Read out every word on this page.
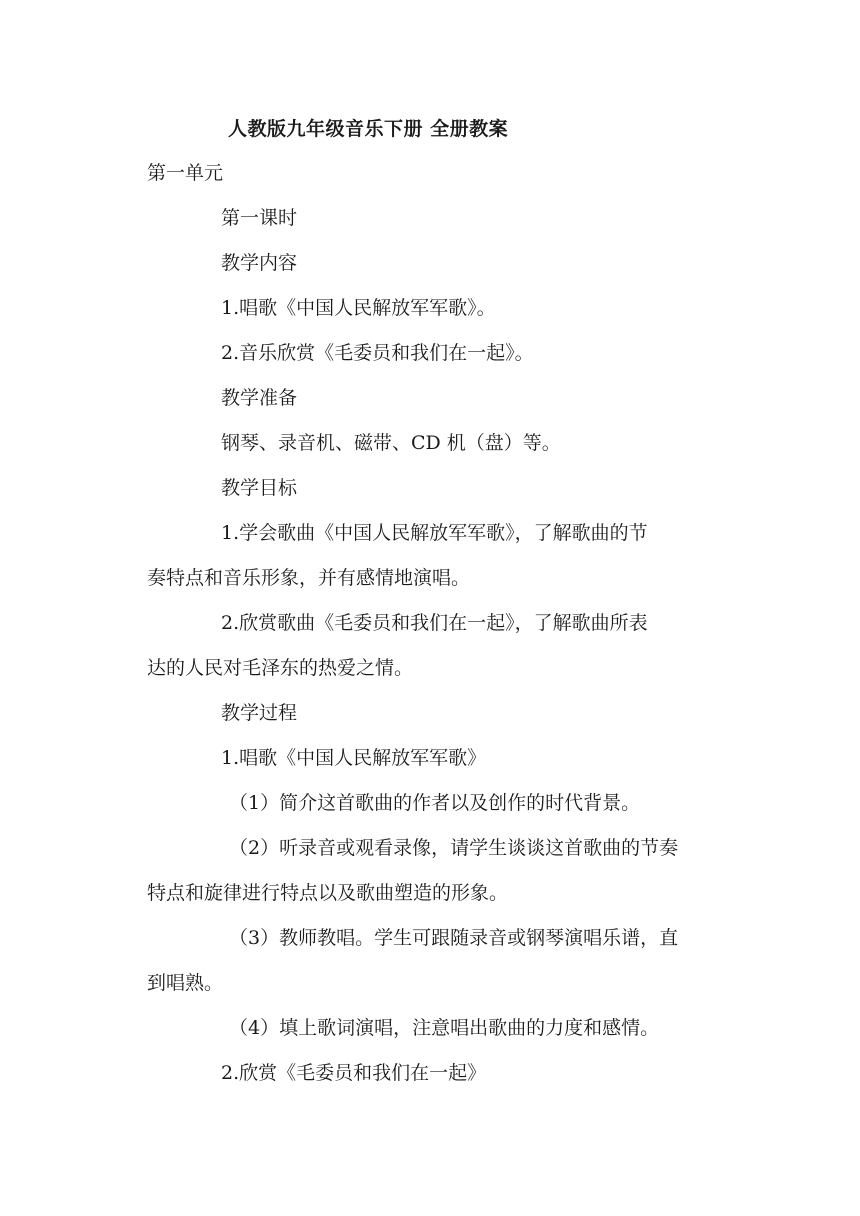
人教版九年级音乐下册 全册教案
第一单元
第一课时
教学内容
1.唱歌《中国人民解放军军歌》。
2.音乐欣赏《毛委员和我们在一起》。
教学准备
钢琴、录音机、磁带、CD 机（盘）等。
教学目标
1.学会歌曲《中国人民解放军军歌》，了解歌曲的节
奏特点和音乐形象，并有感情地演唱。
2.欣赏歌曲《毛委员和我们在一起》，了解歌曲所表
达的人民对毛泽东的热爱之情。
教学过程
1.唱歌《中国人民解放军军歌》
（1）简介这首歌曲的作者以及创作的时代背景。
（2）听录音或观看录像，请学生谈谈这首歌曲的节奏
特点和旋律进行特点以及歌曲塑造的形象。
（3）教师教唱。学生可跟随录音或钢琴演唱乐谱，直
到唱熟。
（4）填上歌词演唱，注意唱出歌曲的力度和感情。
2.欣赏《毛委员和我们在一起》
